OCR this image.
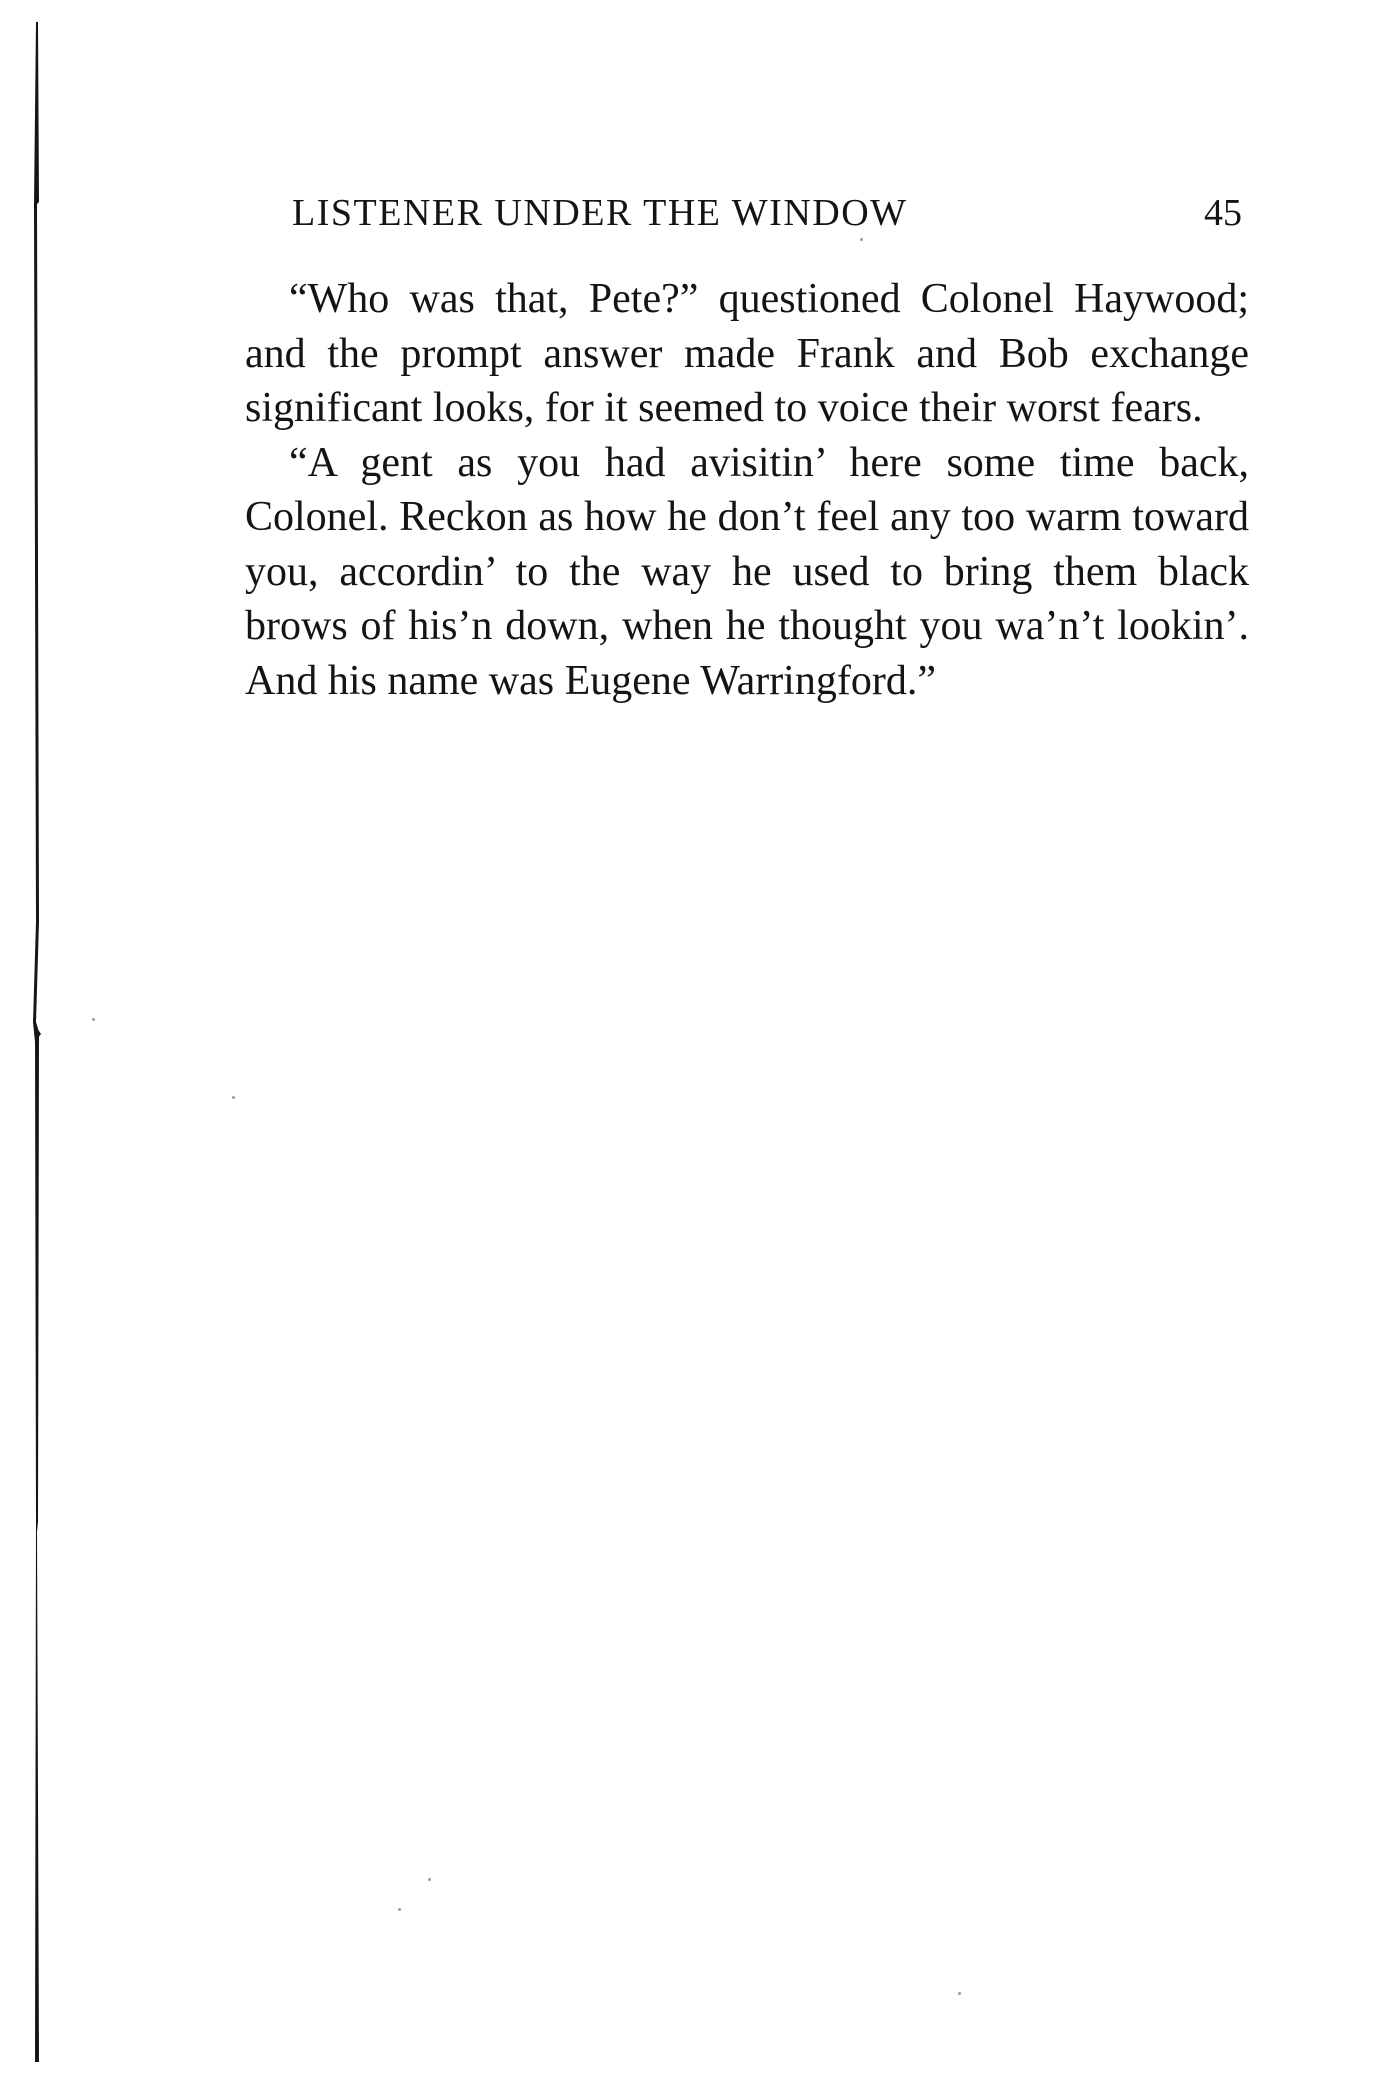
LISTENER UNDER THE WINDOW	45

“Who was that, Pete?” questioned Colonel Haywood; and the prompt answer made Frank and Bob exchange significant looks, for it seemed to voice their worst fears.

“A gent as you had avisitin’ here some time back, Colonel. Reckon as how he don’t feel any too warm toward you, accordin’ to the way he used to bring them black brows of his’n down, when he thought you wa’n’t lookin’. And his name was Eugene Warringford.”
